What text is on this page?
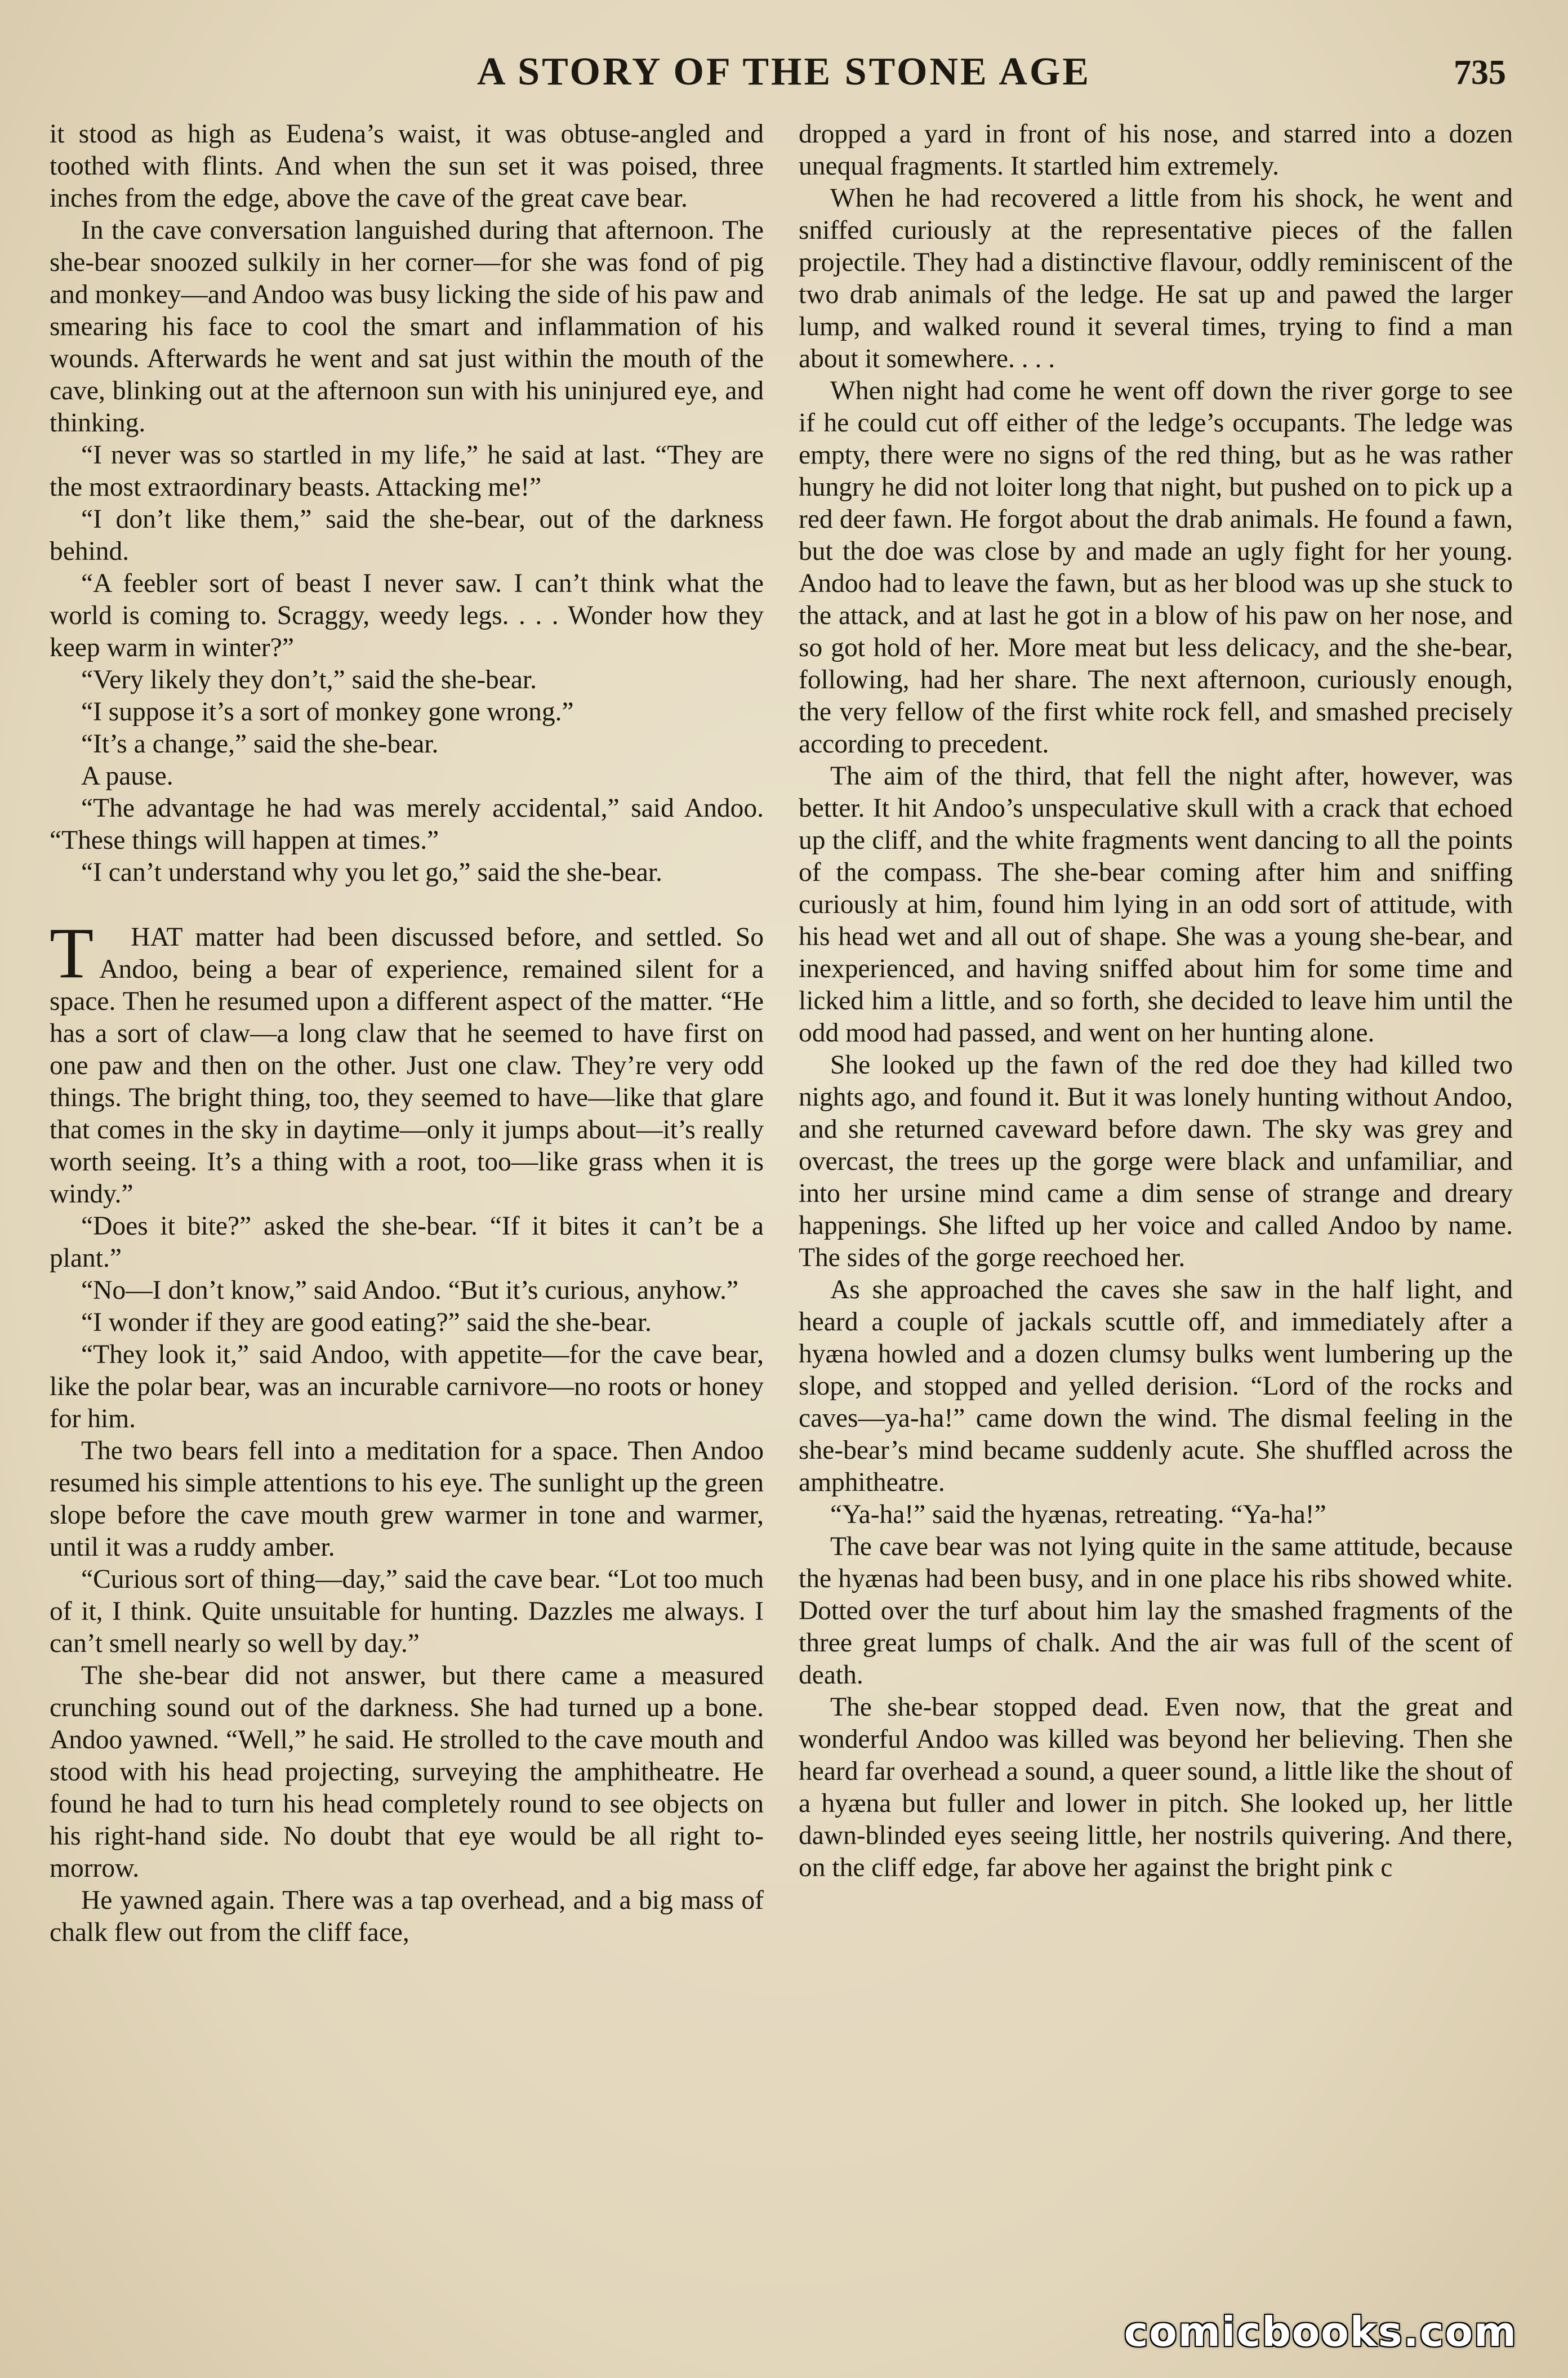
A STORY OF THE STONE AGE	735

it stood as high as Eudena’s waist, it was obtuse-angled and toothed with flints. And when the sun set it was poised, three inches from the edge, above the cave of the great cave bear.

In the cave conversation languished during that afternoon. The she-bear snoozed sulkily in her corner—for she was fond of pig and monkey—and Andoo was busy licking the side of his paw and smearing his face to cool the smart and inflammation of his wounds. Afterwards he went and sat just within the mouth of the cave, blinking out at the afternoon sun with his uninjured eye, and thinking.

“I never was so startled in my life,” he said at last. “They are the most extraordinary beasts. Attacking me!”

“I don’t like them,” said the she-bear, out of the darkness behind.

“A feebler sort of beast I never saw. I can’t think what the world is coming to. Scraggy, weedy legs. . . . Wonder how they keep warm in winter?”

“Very likely they don’t,” said the she-bear.

“I suppose it’s a sort of monkey gone wrong.”

“It’s a change,” said the she-bear.

A pause.

“The advantage he had was merely accidental,” said Andoo. “These things will happen at times.”

“I can’t understand why you let go,” said the she-bear.

T HAT matter had been discussed before, and settled. So Andoo, being a bear of experience, remained silent for a space. Then he resumed upon a different aspect of the matter. “He has a sort of claw—a long claw that he seemed to have first on one paw and then on the other. Just one claw. They’re very odd things. The bright thing, too, they seemed to have—like that glare that comes in the sky in daytime—only it jumps about—it’s really worth seeing. It’s a thing with a root, too—like grass when it is windy.”

“Does it bite?” asked the she-bear. “If it bites it can’t be a plant.”

“No—I don’t know,” said Andoo. “But it’s curious, anyhow.”

“I wonder if they are good eating?” said the she-bear.

“They look it,” said Andoo, with appetite—for the cave bear, like the polar bear, was an incurable carnivore—no roots or honey for him.

The two bears fell into a meditation for a space. Then Andoo resumed his simple attentions to his eye. The sunlight up the green slope before the cave mouth grew warmer in tone and warmer, until it was a ruddy amber.

“Curious sort of thing—day,” said the cave bear. “Lot too much of it, I think. Quite unsuitable for hunting. Dazzles me always. I can’t smell nearly so well by day.”

The she-bear did not answer, but there came a measured crunching sound out of the darkness. She had turned up a bone. Andoo yawned. “Well,” he said. He strolled to the cave mouth and stood with his head projecting, surveying the amphitheatre. He found he had to turn his head completely round to see objects on his right-hand side. No doubt that eye would be all right to-morrow.

He yawned again. There was a tap overhead, and a big mass of chalk flew out from the cliff face,

dropped a yard in front of his nose, and starred into a dozen unequal fragments. It startled him extremely.

When he had recovered a little from his shock, he went and sniffed curiously at the representative pieces of the fallen projectile. They had a distinctive flavour, oddly reminiscent of the two drab animals of the ledge. He sat up and pawed the larger lump, and walked round it several times, trying to find a man about it somewhere. . . .

When night had come he went off down the river gorge to see if he could cut off either of the ledge’s occupants. The ledge was empty, there were no signs of the red thing, but as he was rather hungry he did not loiter long that night, but pushed on to pick up a red deer fawn. He forgot about the drab animals. He found a fawn, but the doe was close by and made an ugly fight for her young. Andoo had to leave the fawn, but as her blood was up she stuck to the attack, and at last he got in a blow of his paw on her nose, and so got hold of her. More meat but less delicacy, and the she-bear, following, had her share. The next afternoon, curiously enough, the very fellow of the first white rock fell, and smashed precisely according to precedent.

The aim of the third, that fell the night after, however, was better. It hit Andoo’s unspeculative skull with a crack that echoed up the cliff, and the white fragments went dancing to all the points of the compass. The she-bear coming after him and sniffing curiously at him, found him lying in an odd sort of attitude, with his head wet and all out of shape. She was a young she-bear, and inexperienced, and having sniffed about him for some time and licked him a little, and so forth, she decided to leave him until the odd mood had passed, and went on her hunting alone.

She looked up the fawn of the red doe they had killed two nights ago, and found it. But it was lonely hunting without Andoo, and she returned caveward before dawn. The sky was grey and overcast, the trees up the gorge were black and unfamiliar, and into her ursine mind came a dim sense of strange and dreary happenings. She lifted up her voice and called Andoo by name. The sides of the gorge reechoed her.

As she approached the caves she saw in the half light, and heard a couple of jackals scuttle off, and immediately after a hyæna howled and a dozen clumsy bulks went lumbering up the slope, and stopped and yelled derision. “Lord of the rocks and caves—ya-ha!” came down the wind. The dismal feeling in the she-bear’s mind became suddenly acute. She shuffled across the amphitheatre.

“Ya-ha!” said the hyænas, retreating. “Ya-ha!”

The cave bear was not lying quite in the same attitude, because the hyænas had been busy, and in one place his ribs showed white. Dotted over the turf about him lay the smashed fragments of the three great lumps of chalk. And the air was full of the scent of death.

The she-bear stopped dead. Even now, that the great and wonderful Andoo was killed was beyond her believing. Then she heard far overhead a sound, a queer sound, a little like the shout of a hyæna but fuller and lower in pitch. She looked up, her little dawn-blinded eyes seeing little, her nostrils quivering. And there, on the cliff edge, far above her against the bright pink c

comicbooks.com
